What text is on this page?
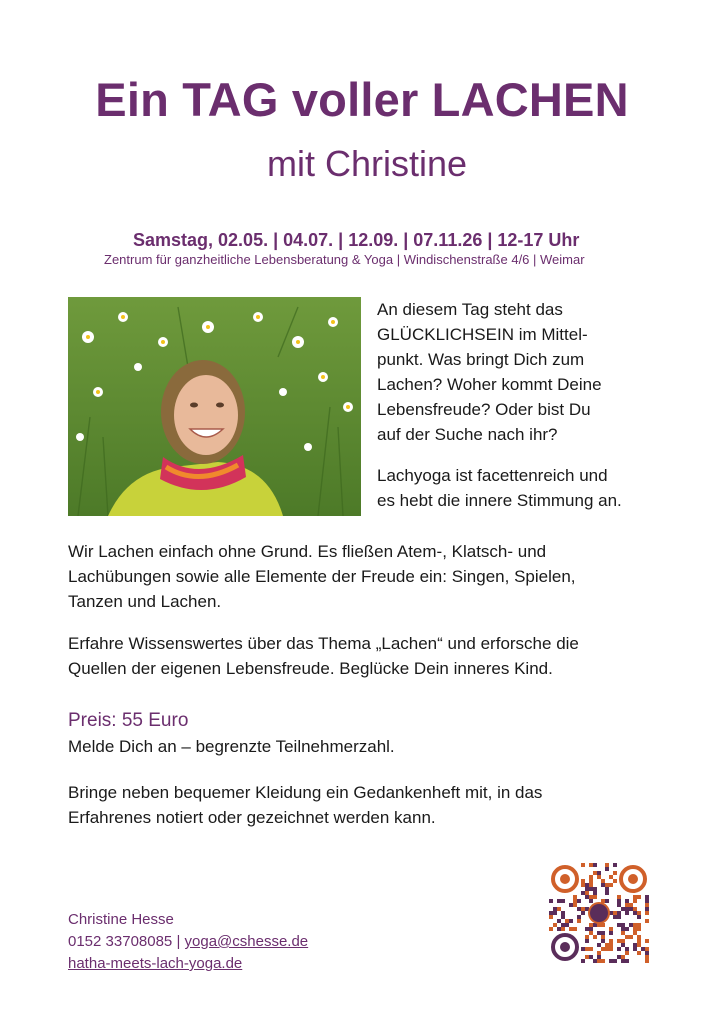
Ein TAG voller LACHEN
mit Christine
Samstag, 02.05. | 04.07. | 12.09. | 07.11.26 | 12-17 Uhr
Zentrum für ganzheitliche Lebensberatung & Yoga | Windischenstraße 4/6 | Weimar
An diesem Tag steht das
GLÜCKLICHSEIN im Mittel-
punkt. Was bringt Dich zum
Lachen? Woher kommt Deine
Lebensfreude? Oder bist Du
auf der Suche nach ihr?
Lachyoga ist facettenreich und
es hebt die innere Stimmung an.
Wir Lachen einfach ohne Grund. Es fließen Atem-, Klatsch- und
Lachübungen sowie alle Elemente der Freude ein: Singen, Spielen,
Tanzen und Lachen.
Erfahre Wissenswertes über das Thema „Lachen“ und erforsche die
Quellen der eigenen Lebensfreude. Beglücke Dein inneres Kind.
Preis: 55 Euro
Melde Dich an – begrenzte Teilnehmerzahl.
Bringe neben bequemer Kleidung ein Gedankenheft mit, in das
Erfahrenes notiert oder gezeichnet werden kann.
Christine Hesse
0152 33708085 | yoga@cshesse.de
hatha-meets-lach-yoga.de
